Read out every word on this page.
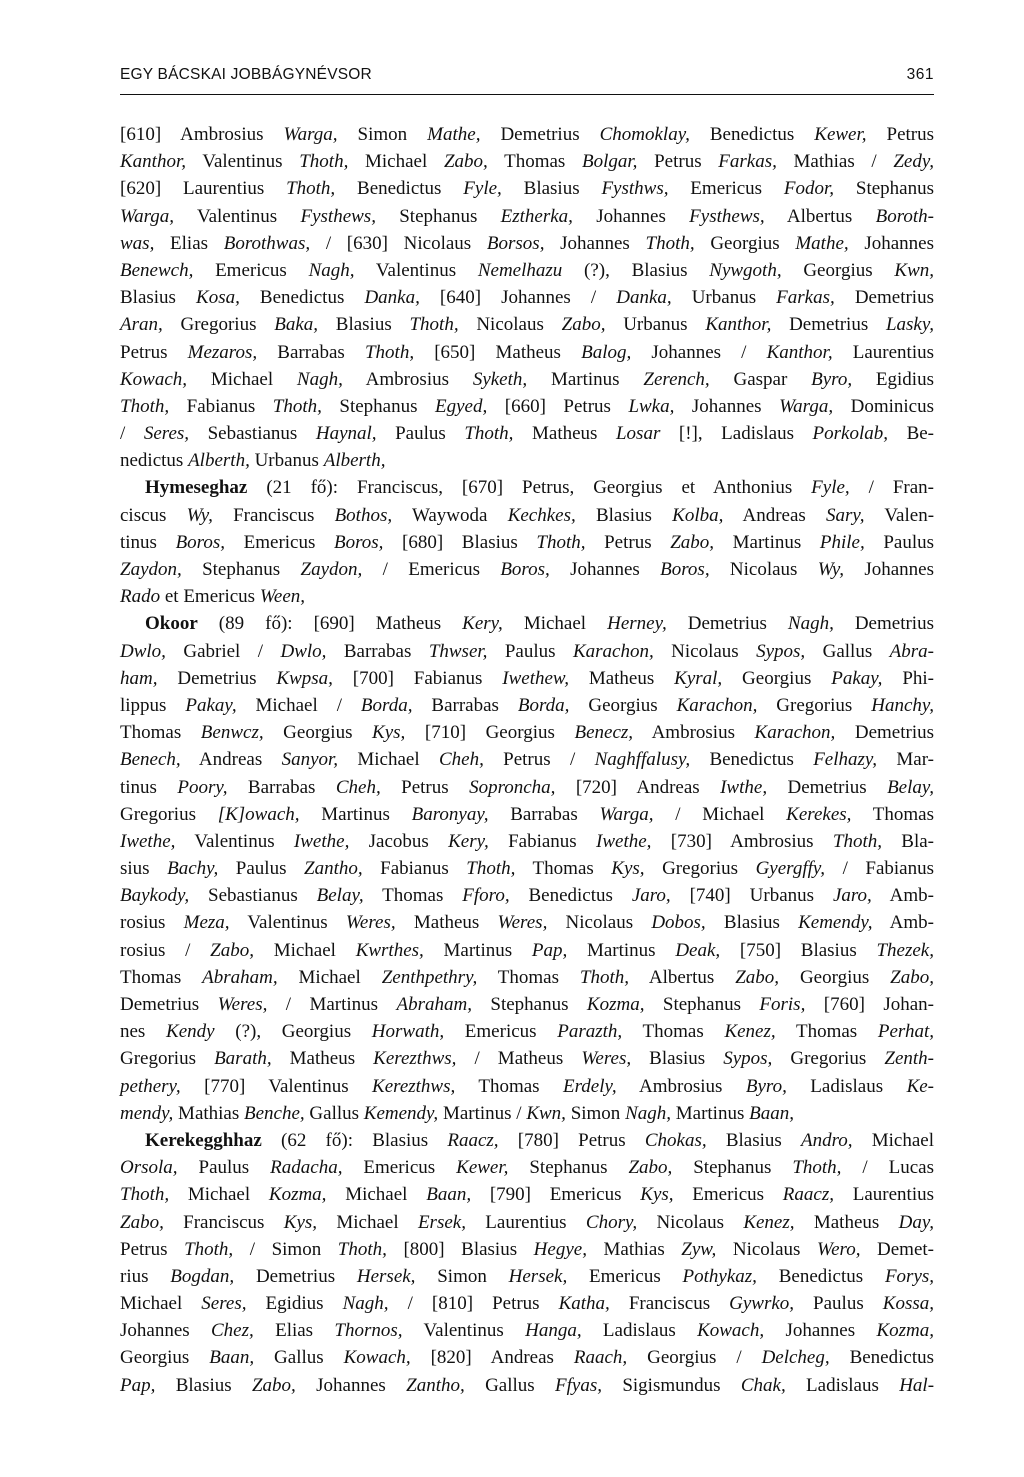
EGY BÁCSKAI JOBBÁGYNÉVSOR	361
[610] Ambrosius Warga, Simon Mathe, Demetrius Chomoklay, Benedictus Kewer, Petrus
Kanthor, Valentinus Thoth, Michael Zabo, Thomas Bolgar, Petrus Farkas, Mathias / Zedy,
[620] Laurentius Thoth, Benedictus Fyle, Blasius Fysthws, Emericus Fodor, Stephanus
Warga, Valentinus Fysthews, Stephanus Eztherka, Johannes Fysthews, Albertus Boroth-
was, Elias Borothwas, / [630] Nicolaus Borsos, Johannes Thoth, Georgius Mathe, Johannes
Benewch, Emericus Nagh, Valentinus Nemelhazu (?), Blasius Nywgoth, Georgius Kwn,
Blasius Kosa, Benedictus Danka, [640] Johannes / Danka, Urbanus Farkas, Demetrius
Aran, Gregorius Baka, Blasius Thoth, Nicolaus Zabo, Urbanus Kanthor, Demetrius Lasky,
Petrus Mezaros, Barrabas Thoth, [650] Matheus Balog, Johannes / Kanthor, Laurentius
Kowach, Michael Nagh, Ambrosius Syketh, Martinus Zerench, Gaspar Byro, Egidius
Thoth, Fabianus Thoth, Stephanus Egyed, [660] Petrus Lwka, Johannes Warga, Dominicus
/ Seres, Sebastianus Haynal, Paulus Thoth, Matheus Losar [!], Ladislaus Porkolab, Be-
nedictus Alberth, Urbanus Alberth,
Hymeseghaz (21 fő): Franciscus, [670] Petrus, Georgius et Anthonius Fyle, / Fran-
ciscus Wy, Franciscus Bothos, Waywoda Kechkes, Blasius Kolba, Andreas Sary, Valen-
tinus Boros, Emericus Boros, [680] Blasius Thoth, Petrus Zabo, Martinus Phile, Paulus
Zaydon, Stephanus Zaydon, / Emericus Boros, Johannes Boros, Nicolaus Wy, Johannes
Rado et Emericus Ween,
Okoor (89 fő): [690] Matheus Kery, Michael Herney, Demetrius Nagh, Demetrius
Dwlo, Gabriel / Dwlo, Barrabas Thwser, Paulus Karachon, Nicolaus Sypos, Gallus Abra-
ham, Demetrius Kwpsa, [700] Fabianus Iwethew, Matheus Kyral, Georgius Pakay, Phi-
lippus Pakay, Michael / Borda, Barrabas Borda, Georgius Karachon, Gregorius Hanchy,
Thomas Benwcz, Georgius Kys, [710] Georgius Benecz, Ambrosius Karachon, Demetrius
Benech, Andreas Sanyor, Michael Cheh, Petrus / Naghffalusy, Benedictus Felhazy, Mar-
tinus Poory, Barrabas Cheh, Petrus Soproncha, [720] Andreas Iwthe, Demetrius Belay,
Gregorius [K]owach, Martinus Baronyay, Barrabas Warga, / Michael Kerekes, Thomas
Iwethe, Valentinus Iwethe, Jacobus Kery, Fabianus Iwethe, [730] Ambrosius Thoth, Bla-
sius Bachy, Paulus Zantho, Fabianus Thoth, Thomas Kys, Gregorius Gyergffy, / Fabianus
Baykody, Sebastianus Belay, Thomas Fforo, Benedictus Jaro, [740] Urbanus Jaro, Amb-
rosius Meza, Valentinus Weres, Matheus Weres, Nicolaus Dobos, Blasius Kemendy, Amb-
rosius / Zabo, Michael Kwrthes, Martinus Pap, Martinus Deak, [750] Blasius Thezek,
Thomas Abraham, Michael Zenthpethry, Thomas Thoth, Albertus Zabo, Georgius Zabo,
Demetrius Weres, / Martinus Abraham, Stephanus Kozma, Stephanus Foris, [760] Johan-
nes Kendy (?), Georgius Horwath, Emericus Parazth, Thomas Kenez, Thomas Perhat,
Gregorius Barath, Matheus Kerezthws, / Matheus Weres, Blasius Sypos, Gregorius Zenth-
pethery, [770] Valentinus Kerezthws, Thomas Erdely, Ambrosius Byro, Ladislaus Ke-
mendy, Mathias Benche, Gallus Kemendy, Martinus / Kwn, Simon Nagh, Martinus Baan,
Kerekegghhaz (62 fő): Blasius Raacz, [780] Petrus Chokas, Blasius Andro, Michael
Orsola, Paulus Radacha, Emericus Kewer, Stephanus Zabo, Stephanus Thoth, / Lucas
Thoth, Michael Kozma, Michael Baan, [790] Emericus Kys, Emericus Raacz, Laurentius
Zabo, Franciscus Kys, Michael Ersek, Laurentius Chory, Nicolaus Kenez, Matheus Day,
Petrus Thoth, / Simon Thoth, [800] Blasius Hegye, Mathias Zyw, Nicolaus Wero, Demet-
rius Bogdan, Demetrius Hersek, Simon Hersek, Emericus Pothykaz, Benedictus Forys,
Michael Seres, Egidius Nagh, / [810] Petrus Katha, Franciscus Gywrko, Paulus Kossa,
Johannes Chez, Elias Thornos, Valentinus Hanga, Ladislaus Kowach, Johannes Kozma,
Georgius Baan, Gallus Kowach, [820] Andreas Raach, Georgius / Delcheg, Benedictus
Pap, Blasius Zabo, Johannes Zantho, Gallus Ffyas, Sigismundus Chak, Ladislaus Hal-
